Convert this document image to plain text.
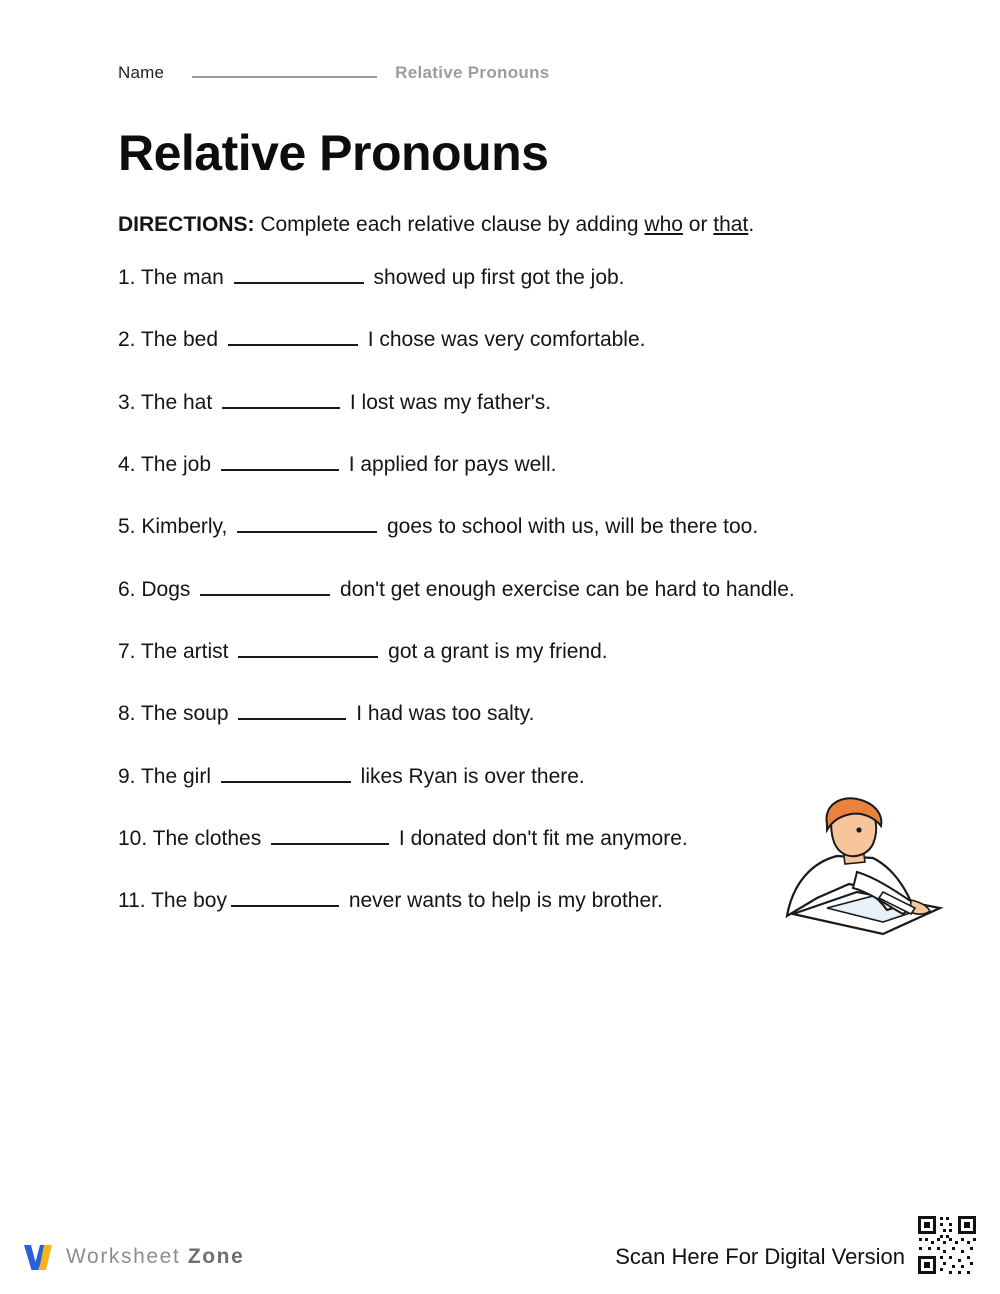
Name	Relative Pronouns
Relative Pronouns
DIRECTIONS: Complete each relative clause by adding who or that.
1. The man	showed up first got the job.
2. The bed	I chose was very comfortable.
3. The hat	I lost was my father's.
4. The job	I applied for pays well.
5. Kimberly,	goes to school with us, will be there too.
6. Dogs	don't get enough exercise can be hard to handle.
7. The artist	got a grant is my friend.
8. The soup	I had was too salty.
9. The girl	likes Ryan is over there.
10. The clothes	I donated don't fit me anymore.
11. The boy	never wants to help is my brother.
Worksheet Zone	Scan Here For Digital Version
